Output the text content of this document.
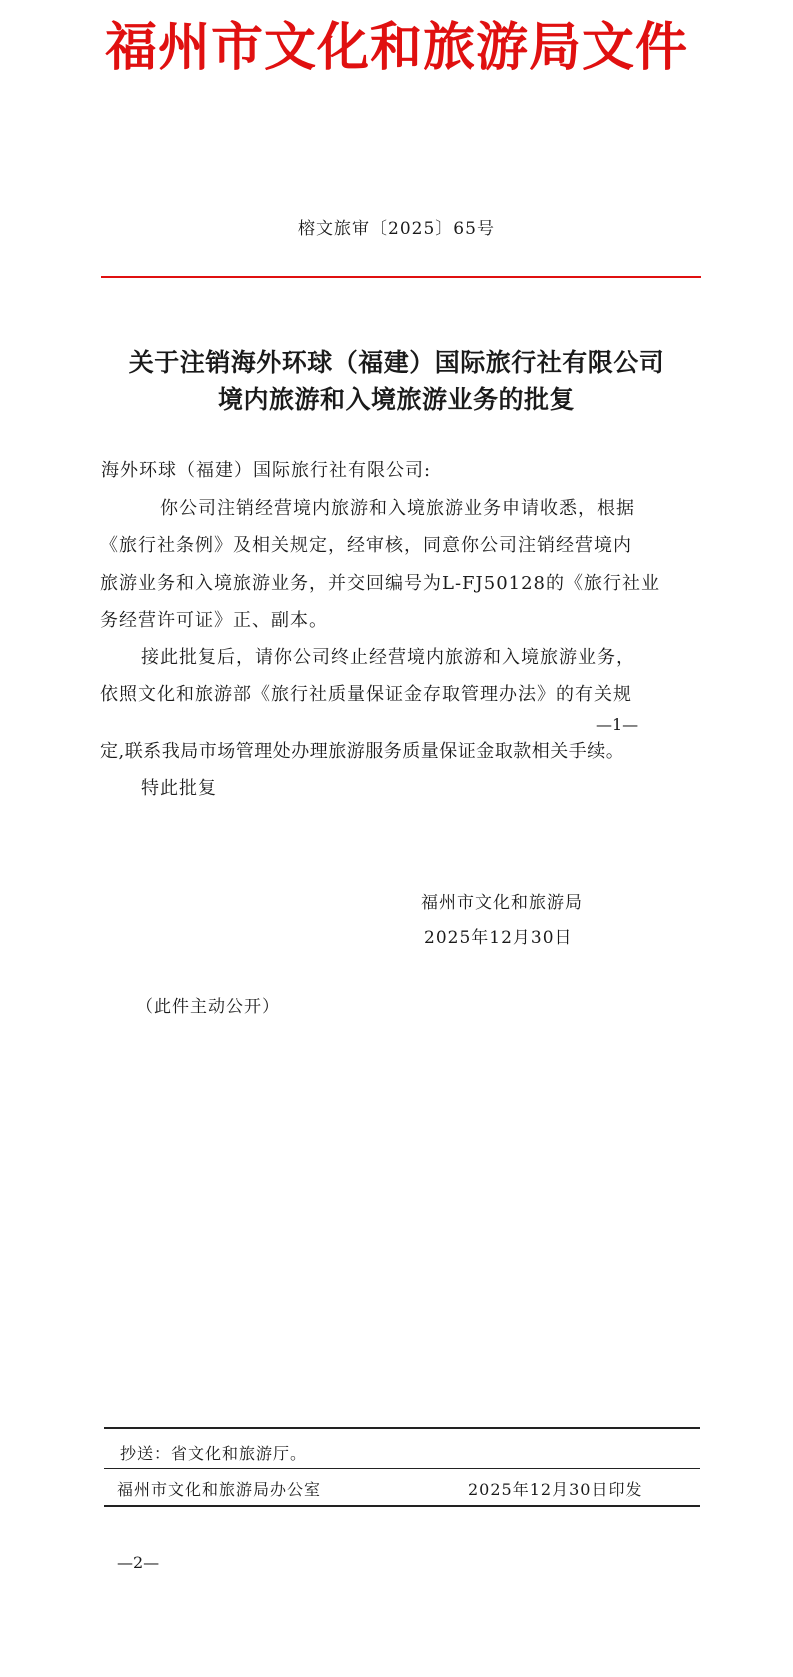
福州市文化和旅游局文件
榕文旅审〔2025〕65号
关于注销海外环球（福建）国际旅行社有限公司
境内旅游和入境旅游业务的批复
海外环球（福建）国际旅行社有限公司:
你公司注销经营境内旅游和入境旅游业务申请收悉，根据
《旅行社条例》及相关规定，经审核，同意你公司注销经营境内
旅游业务和入境旅游业务，并交回编号为L-FJ50128的《旅行社业
务经营许可证》正、副本。
接此批复后，请你公司终止经营境内旅游和入境旅游业务，
依照文化和旅游部《旅行社质量保证金存取管理办法》的有关规
—1—
定,联系我局市场管理处办理旅游服务质量保证金取款相关手续。
特此批复
福州市文化和旅游局
2025年12月30日
（此件主动公开）
抄送：省文化和旅游厅。
福州市文化和旅游局办公室	2025年12月30日印发
—2—
